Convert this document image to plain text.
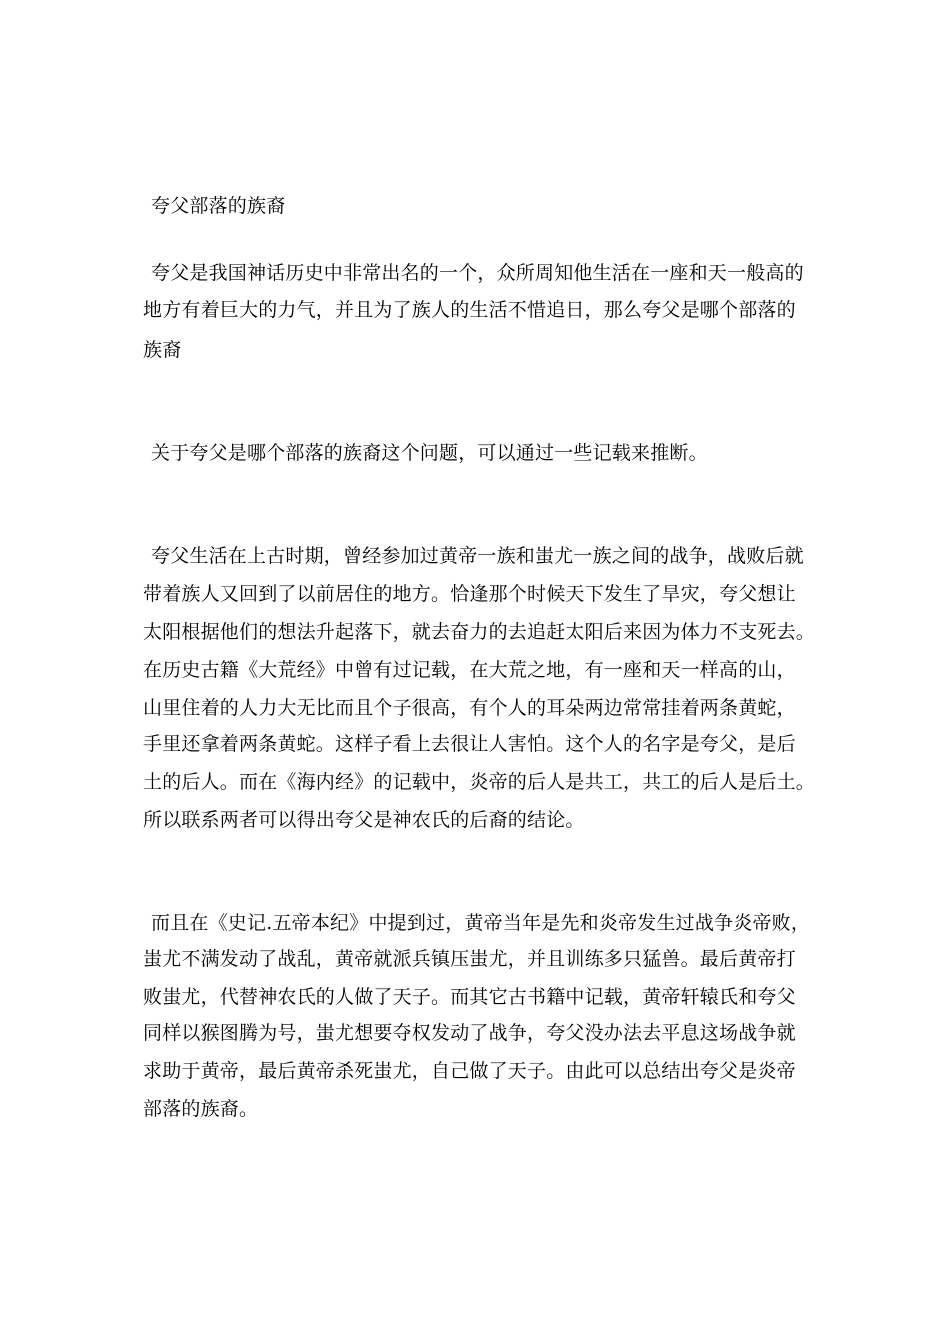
夸父部落的族裔

夸父是我国神话历史中非常出名的一个，众所周知他生活在一座和天一般高的

地方有着巨大的力气，并且为了族人的生活不惜追日，那么夸父是哪个部落的

族裔

关于夸父是哪个部落的族裔这个问题，可以通过一些记载来推断。

夸父生活在上古时期，曾经参加过黄帝一族和蚩尤一族之间的战争，战败后就

带着族人又回到了以前居住的地方。恰逢那个时候天下发生了旱灾，夸父想让

太阳根据他们的想法升起落下，就去奋力的去追赶太阳后来因为体力不支死去。

在历史古籍《大荒经》中曾有过记载，在大荒之地，有一座和天一样高的山，

山里住着的人力大无比而且个子很高，有个人的耳朵两边常常挂着两条黄蛇，

手里还拿着两条黄蛇。这样子看上去很让人害怕。这个人的名字是夸父，是后

土的后人。而在《海内经》的记载中，炎帝的后人是共工，共工的后人是后土。

所以联系两者可以得出夸父是神农氏的后裔的结论。

而且在《史记.五帝本纪》中提到过，黄帝当年是先和炎帝发生过战争炎帝败，

蚩尤不满发动了战乱，黄帝就派兵镇压蚩尤，并且训练多只猛兽。最后黄帝打

败蚩尤，代替神农氏的人做了天子。而其它古书籍中记载，黄帝轩辕氏和夸父

同样以猴图腾为号，蚩尤想要夺权发动了战争，夸父没办法去平息这场战争就

求助于黄帝，最后黄帝杀死蚩尤，自己做了天子。由此可以总结出夸父是炎帝

部落的族裔。
